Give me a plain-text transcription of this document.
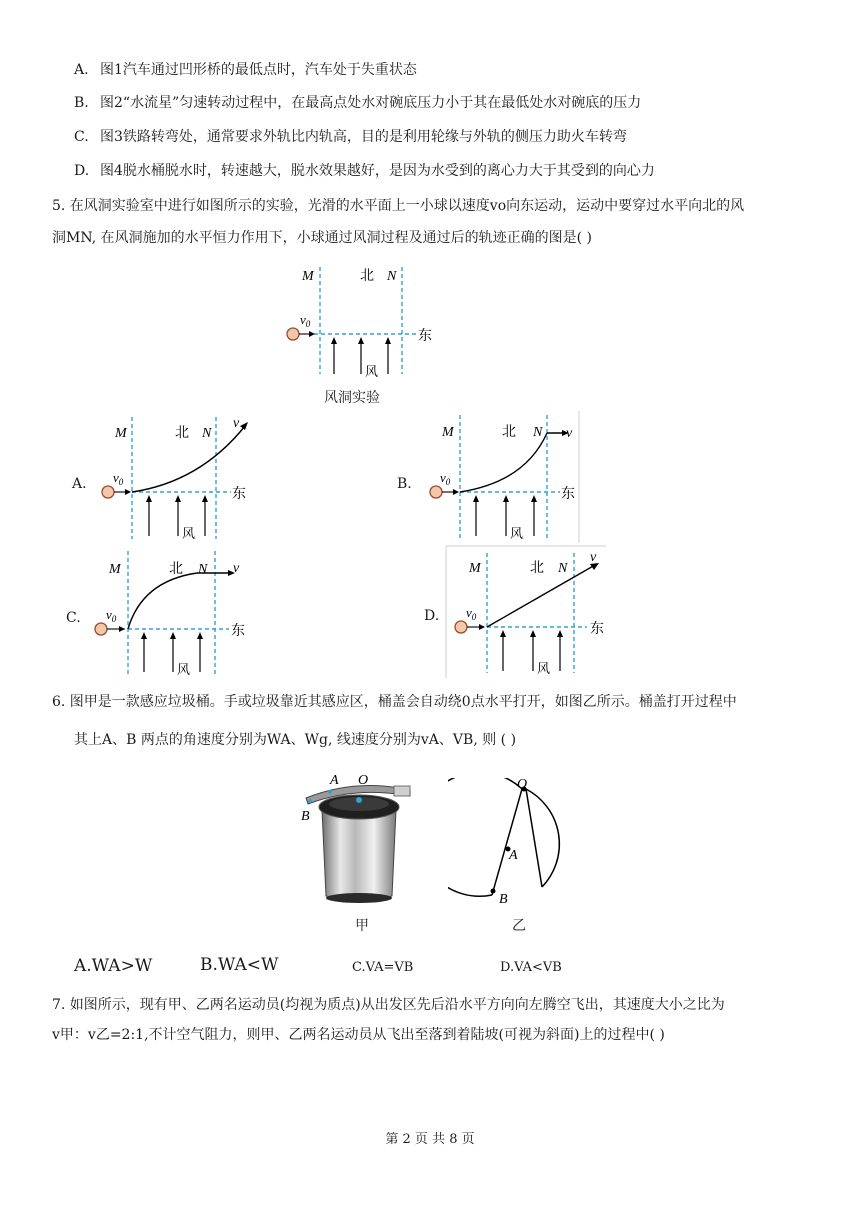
A. 图1汽车通过凹形桥的最低点时，汽车处于失重状态
B. 图2“水流星”匀速转动过程中，在最高点处水对碗底压力小于其在最低处水对碗底的压力
C. 图3铁路转弯处，通常要求外轨比内轨高，目的是利用轮缘与外轨的侧压力助火车转弯
D. 图4脱水桶脱水时，转速越大，脱水效果越好，是因为水受到的离心力大于其受到的向心力
5. 在风洞实验室中进行如图所示的实验，光滑的水平面上一小球以速度vo向东运动，运动中要穿过水平向北的风
洞MN, 在风洞施加的水平恒力作用下，小球通过风洞过程及通过后的轨迹正确的图是( )
M	北 N
东
风
$v_0$
风洞实验
A.
M	北 N
v
东
风
$v_0$	B.
M	北 N v
东
风
$v_0$
C.
M	北 N v
东
风
$v_0$	D.
M	北 N
v
东
风
$v_0$
6. 图甲是一款感应垃圾桶。手或垃圾靠近其感应区，桶盖会自动绕0点水平打开，如图乙所示。桶盖打开过程中
其上A、B 两点的角速度分别为WA、Wg, 线速度分别为vA、VB, 则 ( )
A O
B
甲
O
A
B
乙
A.WA>W	B.WA<W	C.VA=VB	D.VA<VB
7. 如图所示，现有甲、乙两名运动员(均视为质点)从出发区先后沿水平方向向左腾空飞出，其速度大小之比为
v甲：v乙=2:1,不计空气阻力，则甲、乙两名运动员从飞出至落到着陆坡(可视为斜面)上的过程中( )
第 2 页 共 8 页
